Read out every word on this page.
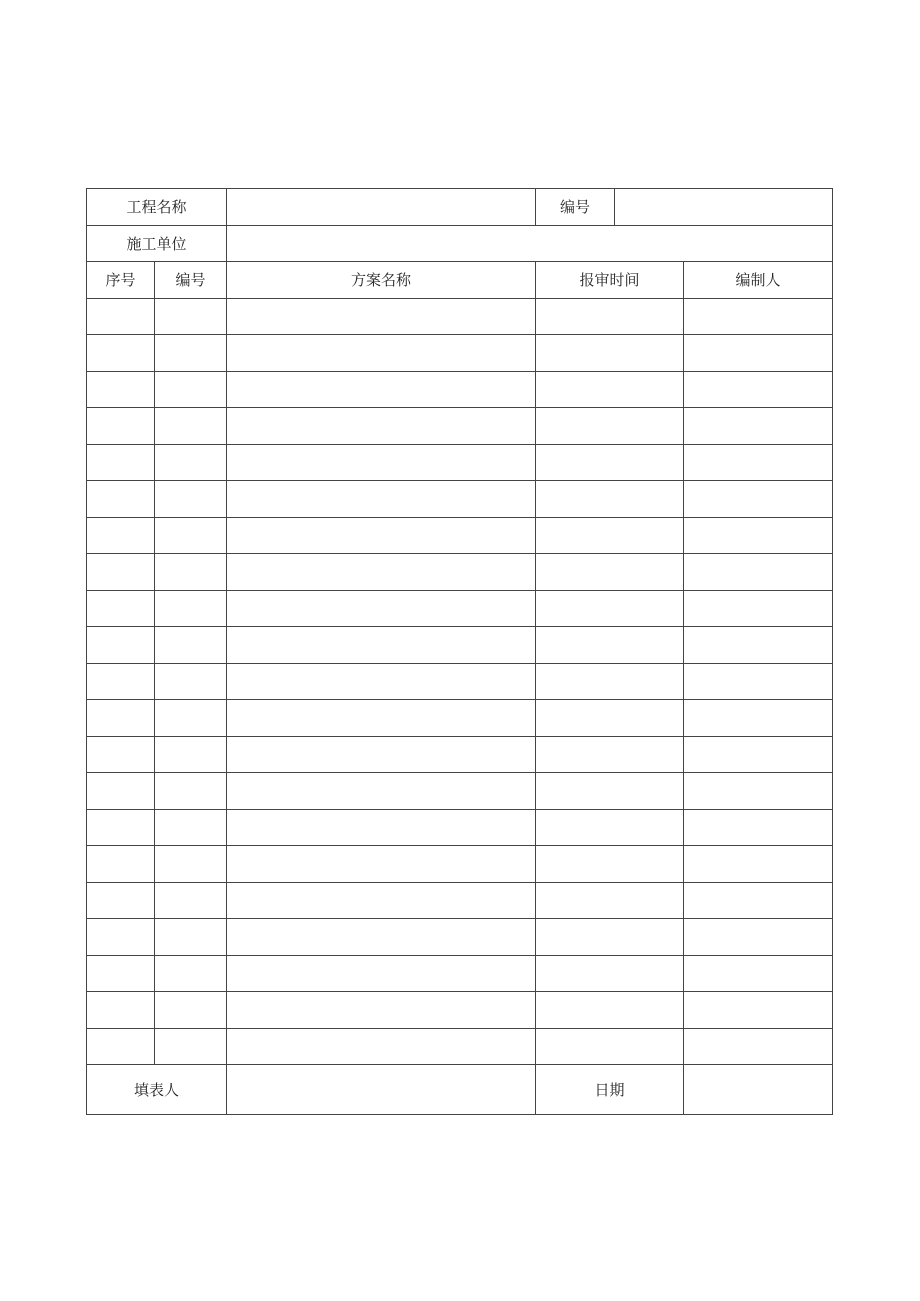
工程名称			编号		
施工单位					
序号	编号	方案名称	报审时间		编制人

填表人			日期		
